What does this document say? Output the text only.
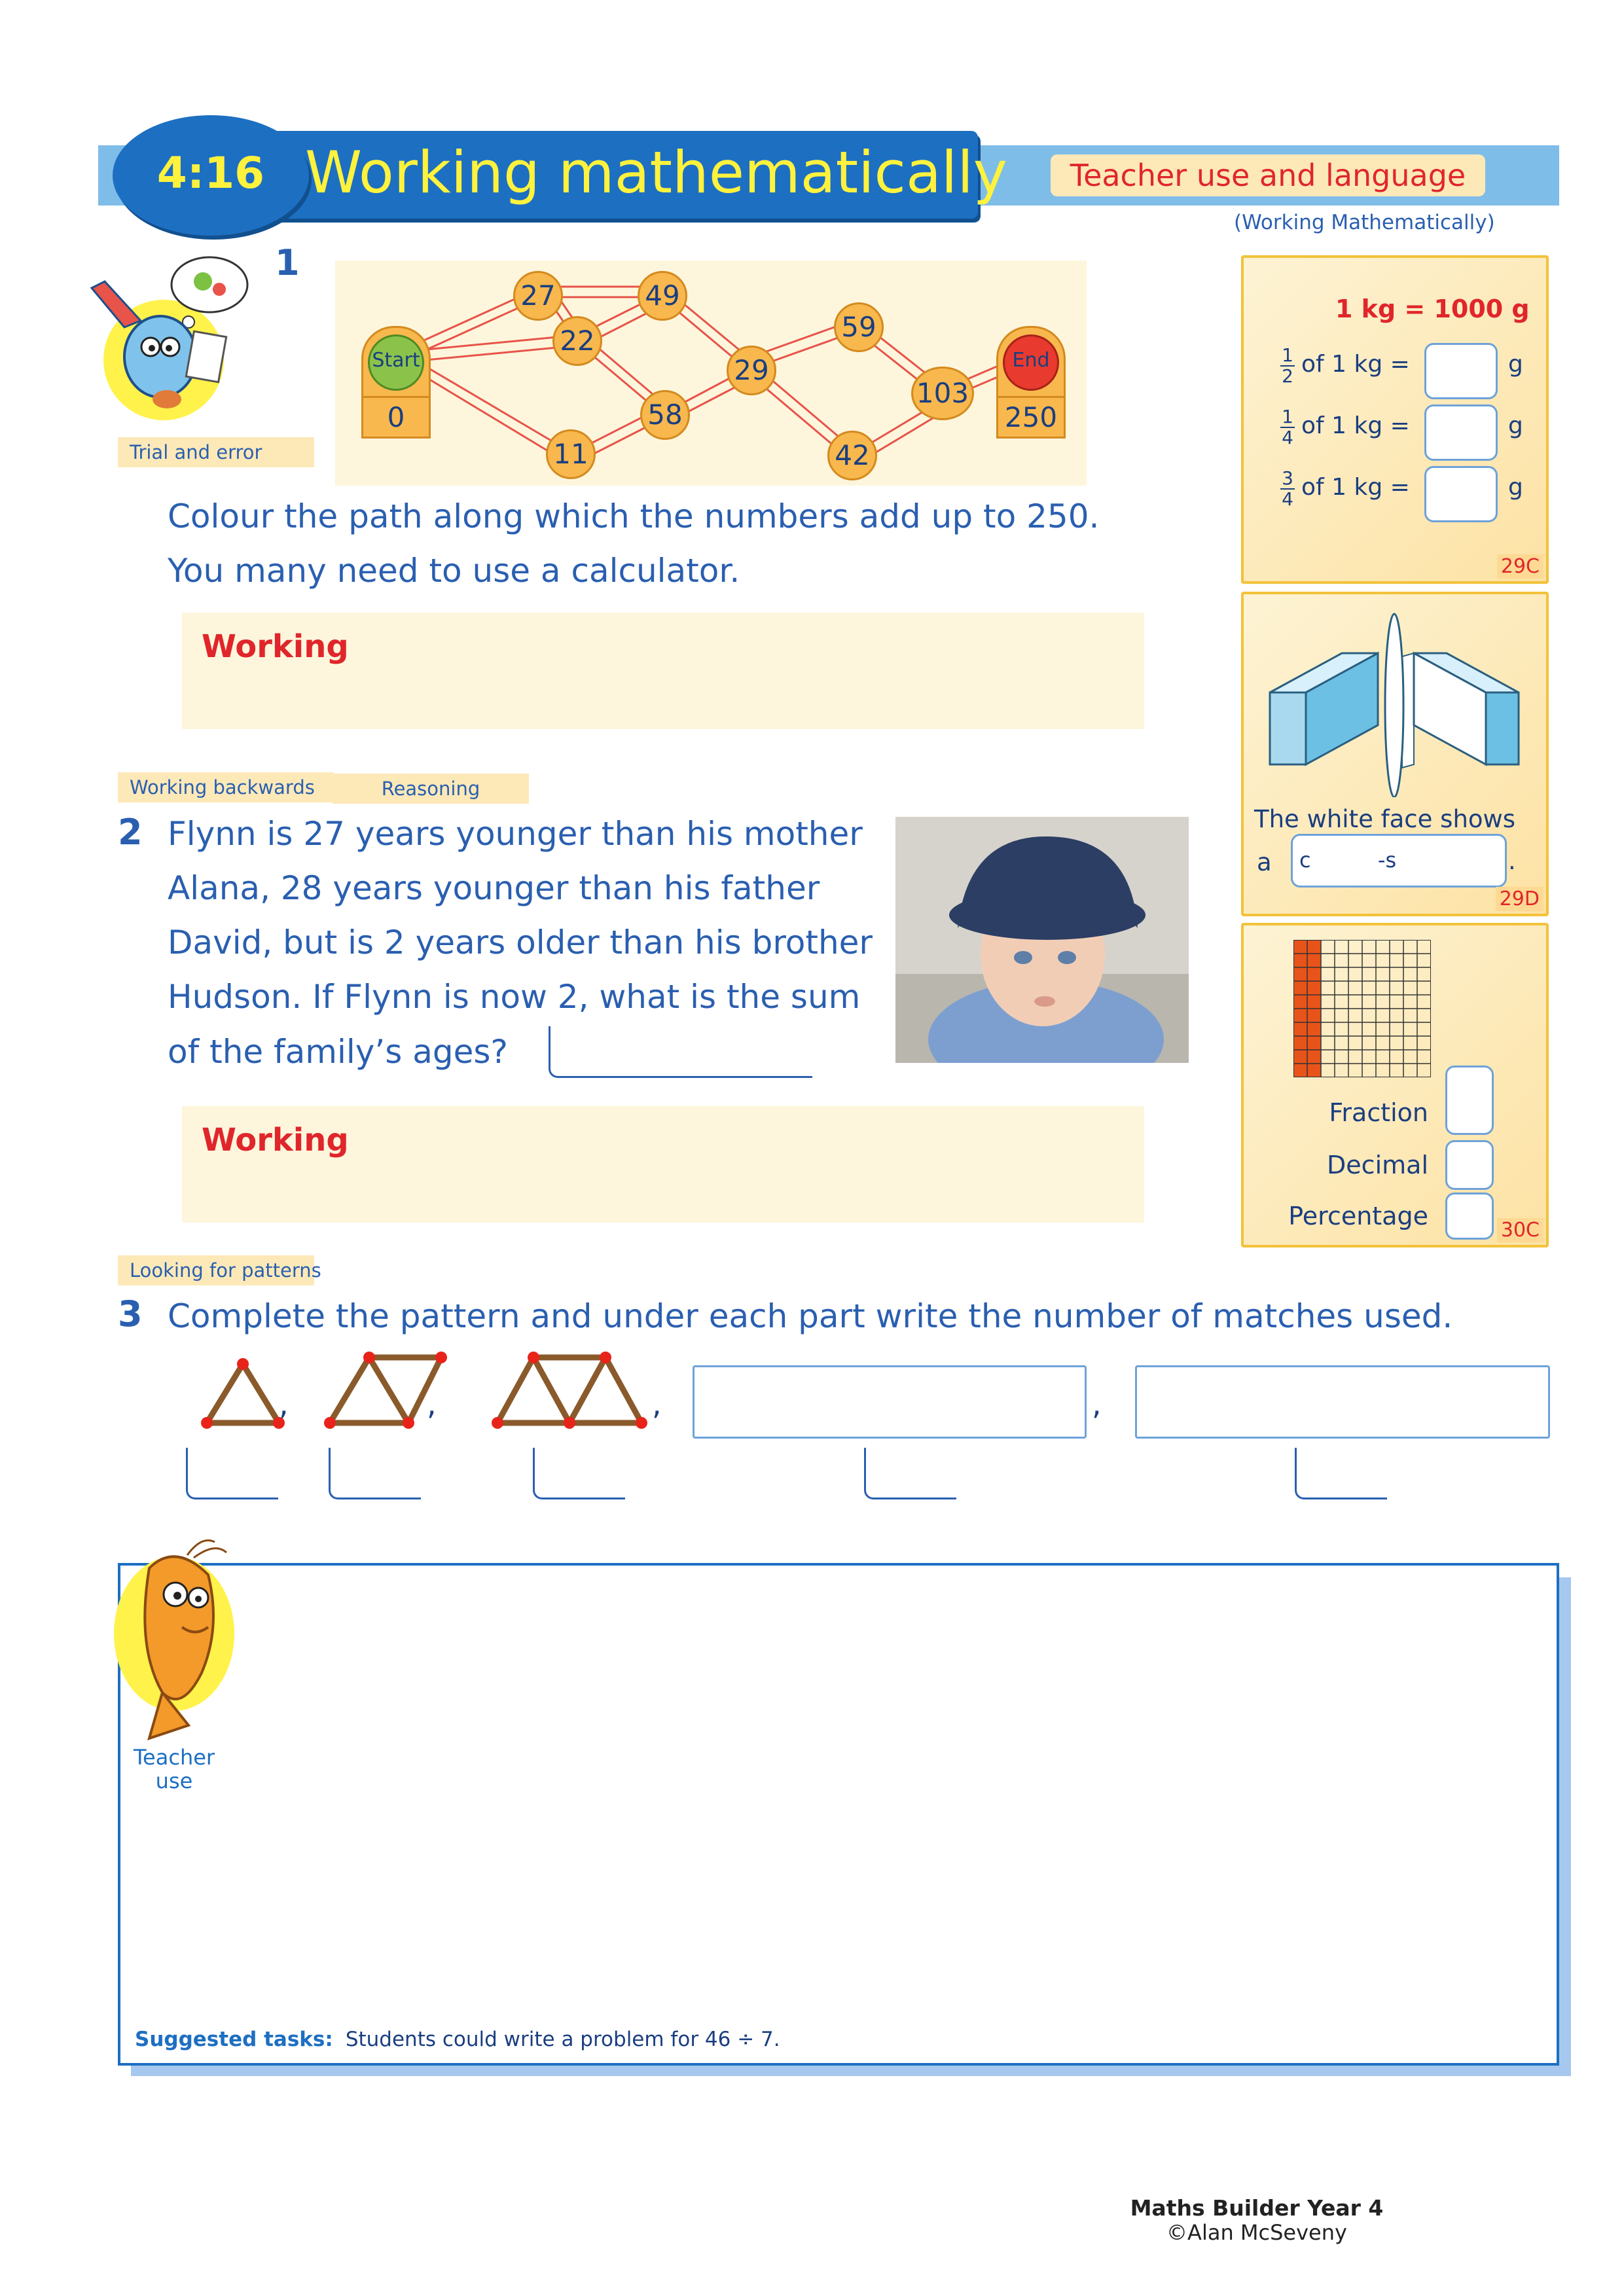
4:16 Working mathematically	Teacher use and language
(Working Mathematically)
1
Trial and error
Start
0
End
250
27	49
22
11
58
29
59
42
103
Colour the path along which the numbers add up to 250.
You many need to use a calculator.
Working
Working backwards	Reasoning
2 Flynn is 27 years younger than his mother
Alana, 28 years younger than his father
David, but is 2 years older than his brother
Hudson. If Flynn is now 2, what is the sum
of the family’s ages?
Working
1 kg = 1000 g
1
2 of 1 kg =	g
1
4 of 1 kg =	g
3
4 of 1 kg =	g
29C
The white face shows
a c	-s	.
29D
Fraction
Decimal
Percentage	30C
Looking for patterns
3 Complete the pattern and under each part write the number of matches used.
,	,	,	,
Teacher
use
Suggested tasks: Students could write a problem for 46 ÷ 7.
Maths Builder Year 4
©Alan McSeveny
